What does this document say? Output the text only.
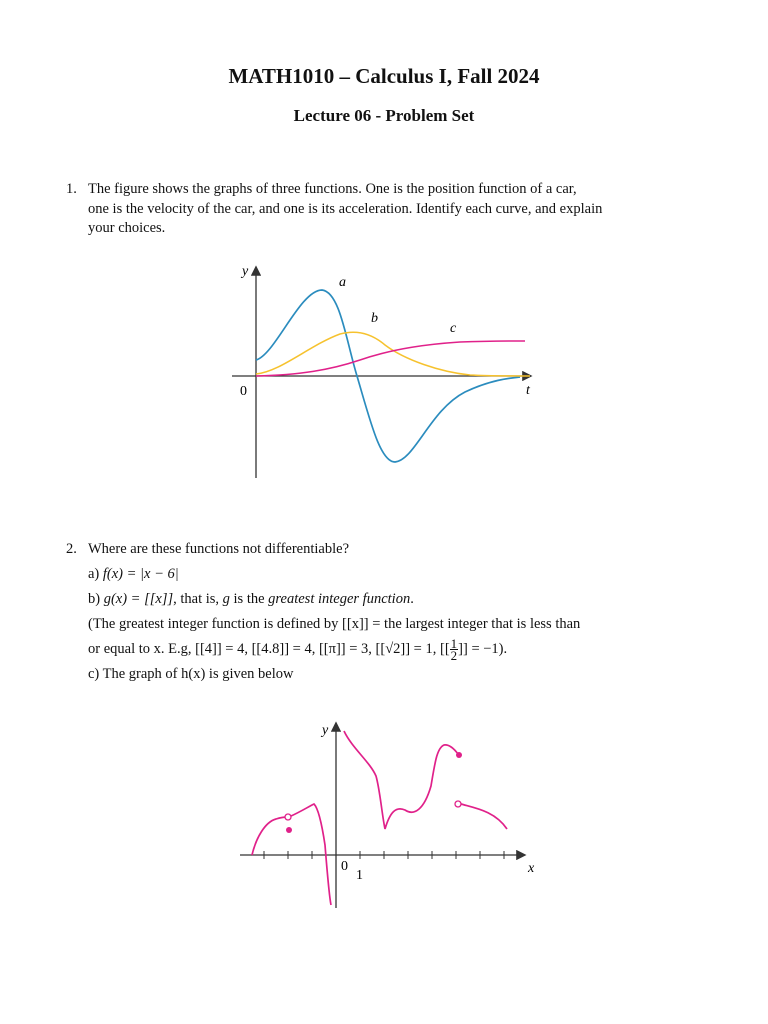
MATH1010 – Calculus I, Fall 2024
Lecture 06 - Problem Set
1. The figure shows the graphs of three functions. One is the position function of a car,
one is the velocity of the car, and one is its acceleration. Identify each curve, and explain
your choices.
y
t
0
a
b
c
2. Where are these functions not differentiable?
a) f(x) = |x − 6|
b) g(x) = [[x]], that is, g is the greatest integer function.
(The greatest integer function is defined by [[x]] = the largest integer that is less than
or equal to x. E.g, [[4]] = 4, [[4.8]] = 4, [[π]] = 3, [[√2]] = 1, [[ $\frac{1}{2}$ ]] = −1).
c) The graph of h(x) is given below
y
x
0
1
